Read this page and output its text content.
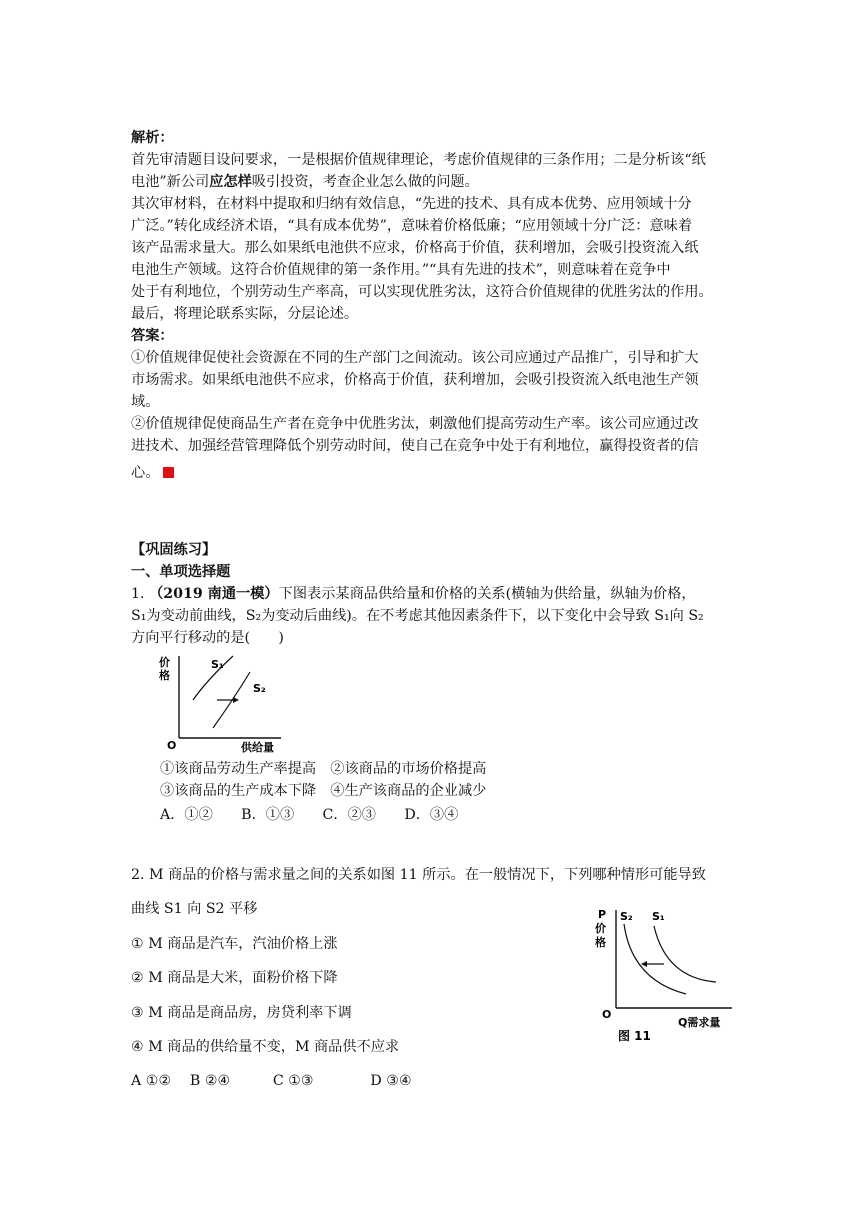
解析：
首先审清题目设问要求，一是根据价值规律理论，考虑价值规律的三条作用；二是分析该“纸
电池”新公司应怎样吸引投资，考查企业怎么做的问题。
其次审材料，在材料中提取和归纳有效信息，“先进的技术、具有成本优势、应用领域十分
广泛。”转化成经济术语，“具有成本优势”，意味着价格低廉；“应用领域十分广泛：意味着
该产品需求量大。那么如果纸电池供不应求，价格高于价值，获利增加，会吸引投资流入纸
电池生产领域。这符合价值规律的第一条作用。”“具有先进的技术”，则意味着在竞争中
处于有利地位，个别劳动生产率高，可以实现优胜劣汰，这符合价值规律的优胜劣汰的作用。
最后，将理论联系实际，分层论述。
答案：
①价值规律促使社会资源在不同的生产部门之间流动。该公司应通过产品推广，引导和扩大
市场需求。如果纸电池供不应求，价格高于价值，获利增加，会吸引投资流入纸电池生产领
域。
②价值规律促使商品生产者在竞争中优胜劣汰，刺激他们提高劳动生产率。该公司应通过改
进技术、加强经营管理降低个别劳动时间，使自己在竞争中处于有利地位，赢得投资者的信
心。
【巩固练习】
一、单项选择题
1. （2019 南通一模）下图表示某商品供给量和价格的关系(横轴为供给量，纵轴为价格，
S₁为变动前曲线，S₂为变动后曲线)。在不考虑其他因素条件下，以下变化中会导致 S₁向 S₂
方向平行移动的是(　　)
价
格
O	供给量
S₁
S₂
①该商品劳动生产率提高　②该商品的市场价格提高
③该商品的生产成本下降　④生产该商品的企业减少
A．①②　　B．①③　　C．②③　　D．③④
2. M 商品的价格与需求量之间的关系如图 11 所示。在一般情况下，下列哪种情形可能导致
曲线 S1 向 S2 平移
① M 商品是汽车，汽油价格上涨
② M 商品是大米，面粉价格下降
③ M 商品是商品房，房贷利率下调
④ M 商品的供给量不变，M 商品供不应求
A ①②　 B ②④　　　C ①③　　　　D ③④
P
价
格
S₂ S₁
O
Q需求量
图 11
